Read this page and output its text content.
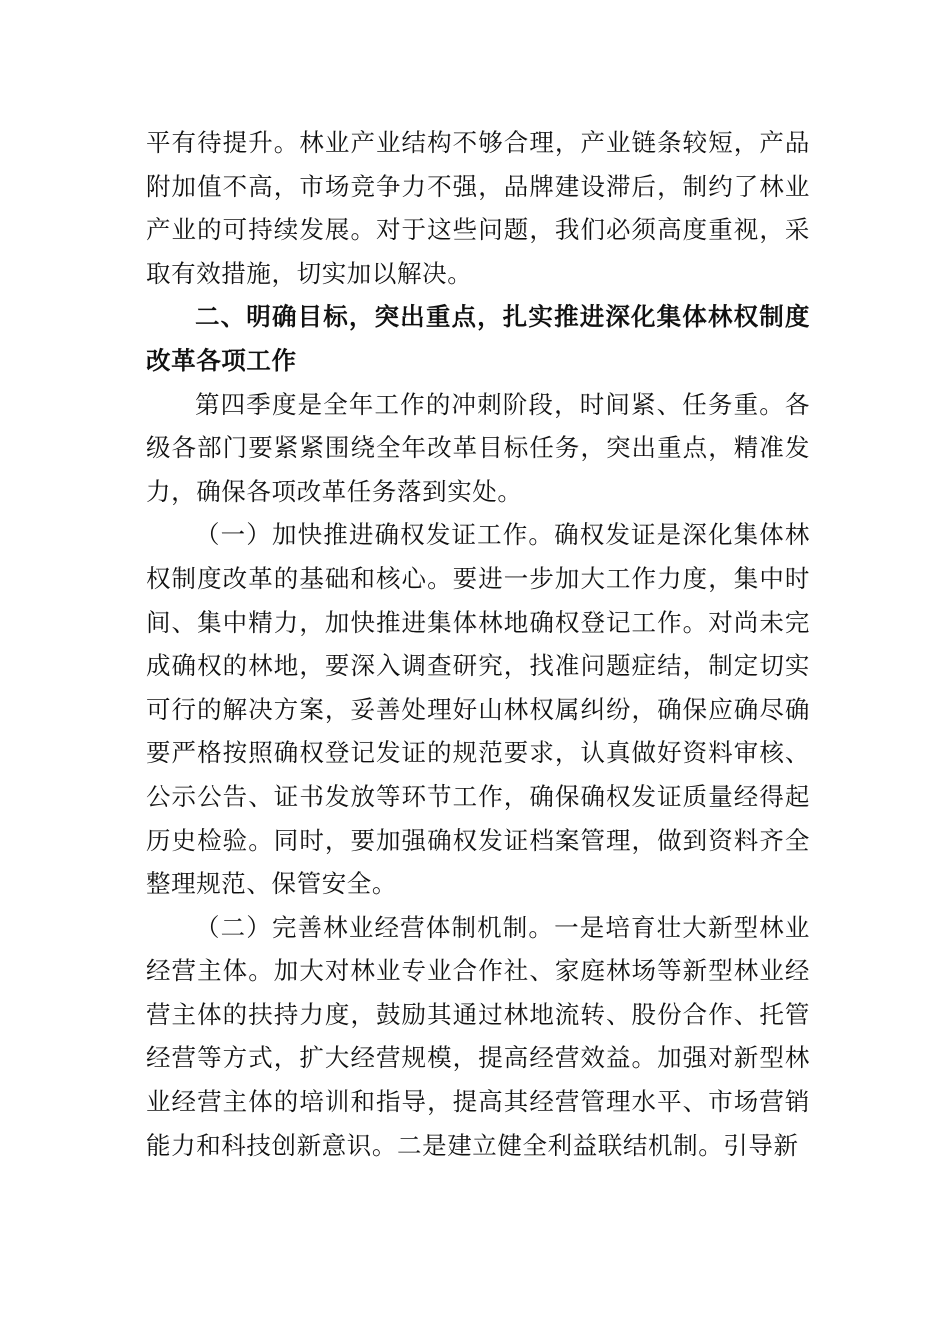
平有待提升。林业产业结构不够合理，产业链条较短，产品附加值不高，市场竞争力不强，品牌建设滞后，制约了林业产业的可持续发展。对于这些问题，我们必须高度重视，采取有效措施，切实加以解决。

二、明确目标，突出重点，扎实推进深化集体林权制度改革各项工作

第四季度是全年工作的冲刺阶段，时间紧、任务重。各级各部门要紧紧围绕全年改革目标任务，突出重点，精准发力，确保各项改革任务落到实处。

（一）加快推进确权发证工作。确权发证是深化集体林权制度改革的基础和核心。要进一步加大工作力度，集中时间、集中精力，加快推进集体林地确权登记工作。对尚未完成确权的林地，要深入调查研究，找准问题症结，制定切实可行的解决方案，妥善处理好山林权属纠纷，确保应确尽确要严格按照确权登记发证的规范要求，认真做好资料审核、公示公告、证书发放等环节工作，确保确权发证质量经得起历史检验。同时，要加强确权发证档案管理，做到资料齐全整理规范、保管安全。

（二）完善林业经营体制机制。一是培育壮大新型林业经营主体。加大对林业专业合作社、家庭林场等新型林业经营主体的扶持力度，鼓励其通过林地流转、股份合作、托管经营等方式，扩大经营规模，提高经营效益。加强对新型林业经营主体的培训和指导，提高其经营管理水平、市场营销能力和科技创新意识。二是建立健全利益联结机制。引导新
